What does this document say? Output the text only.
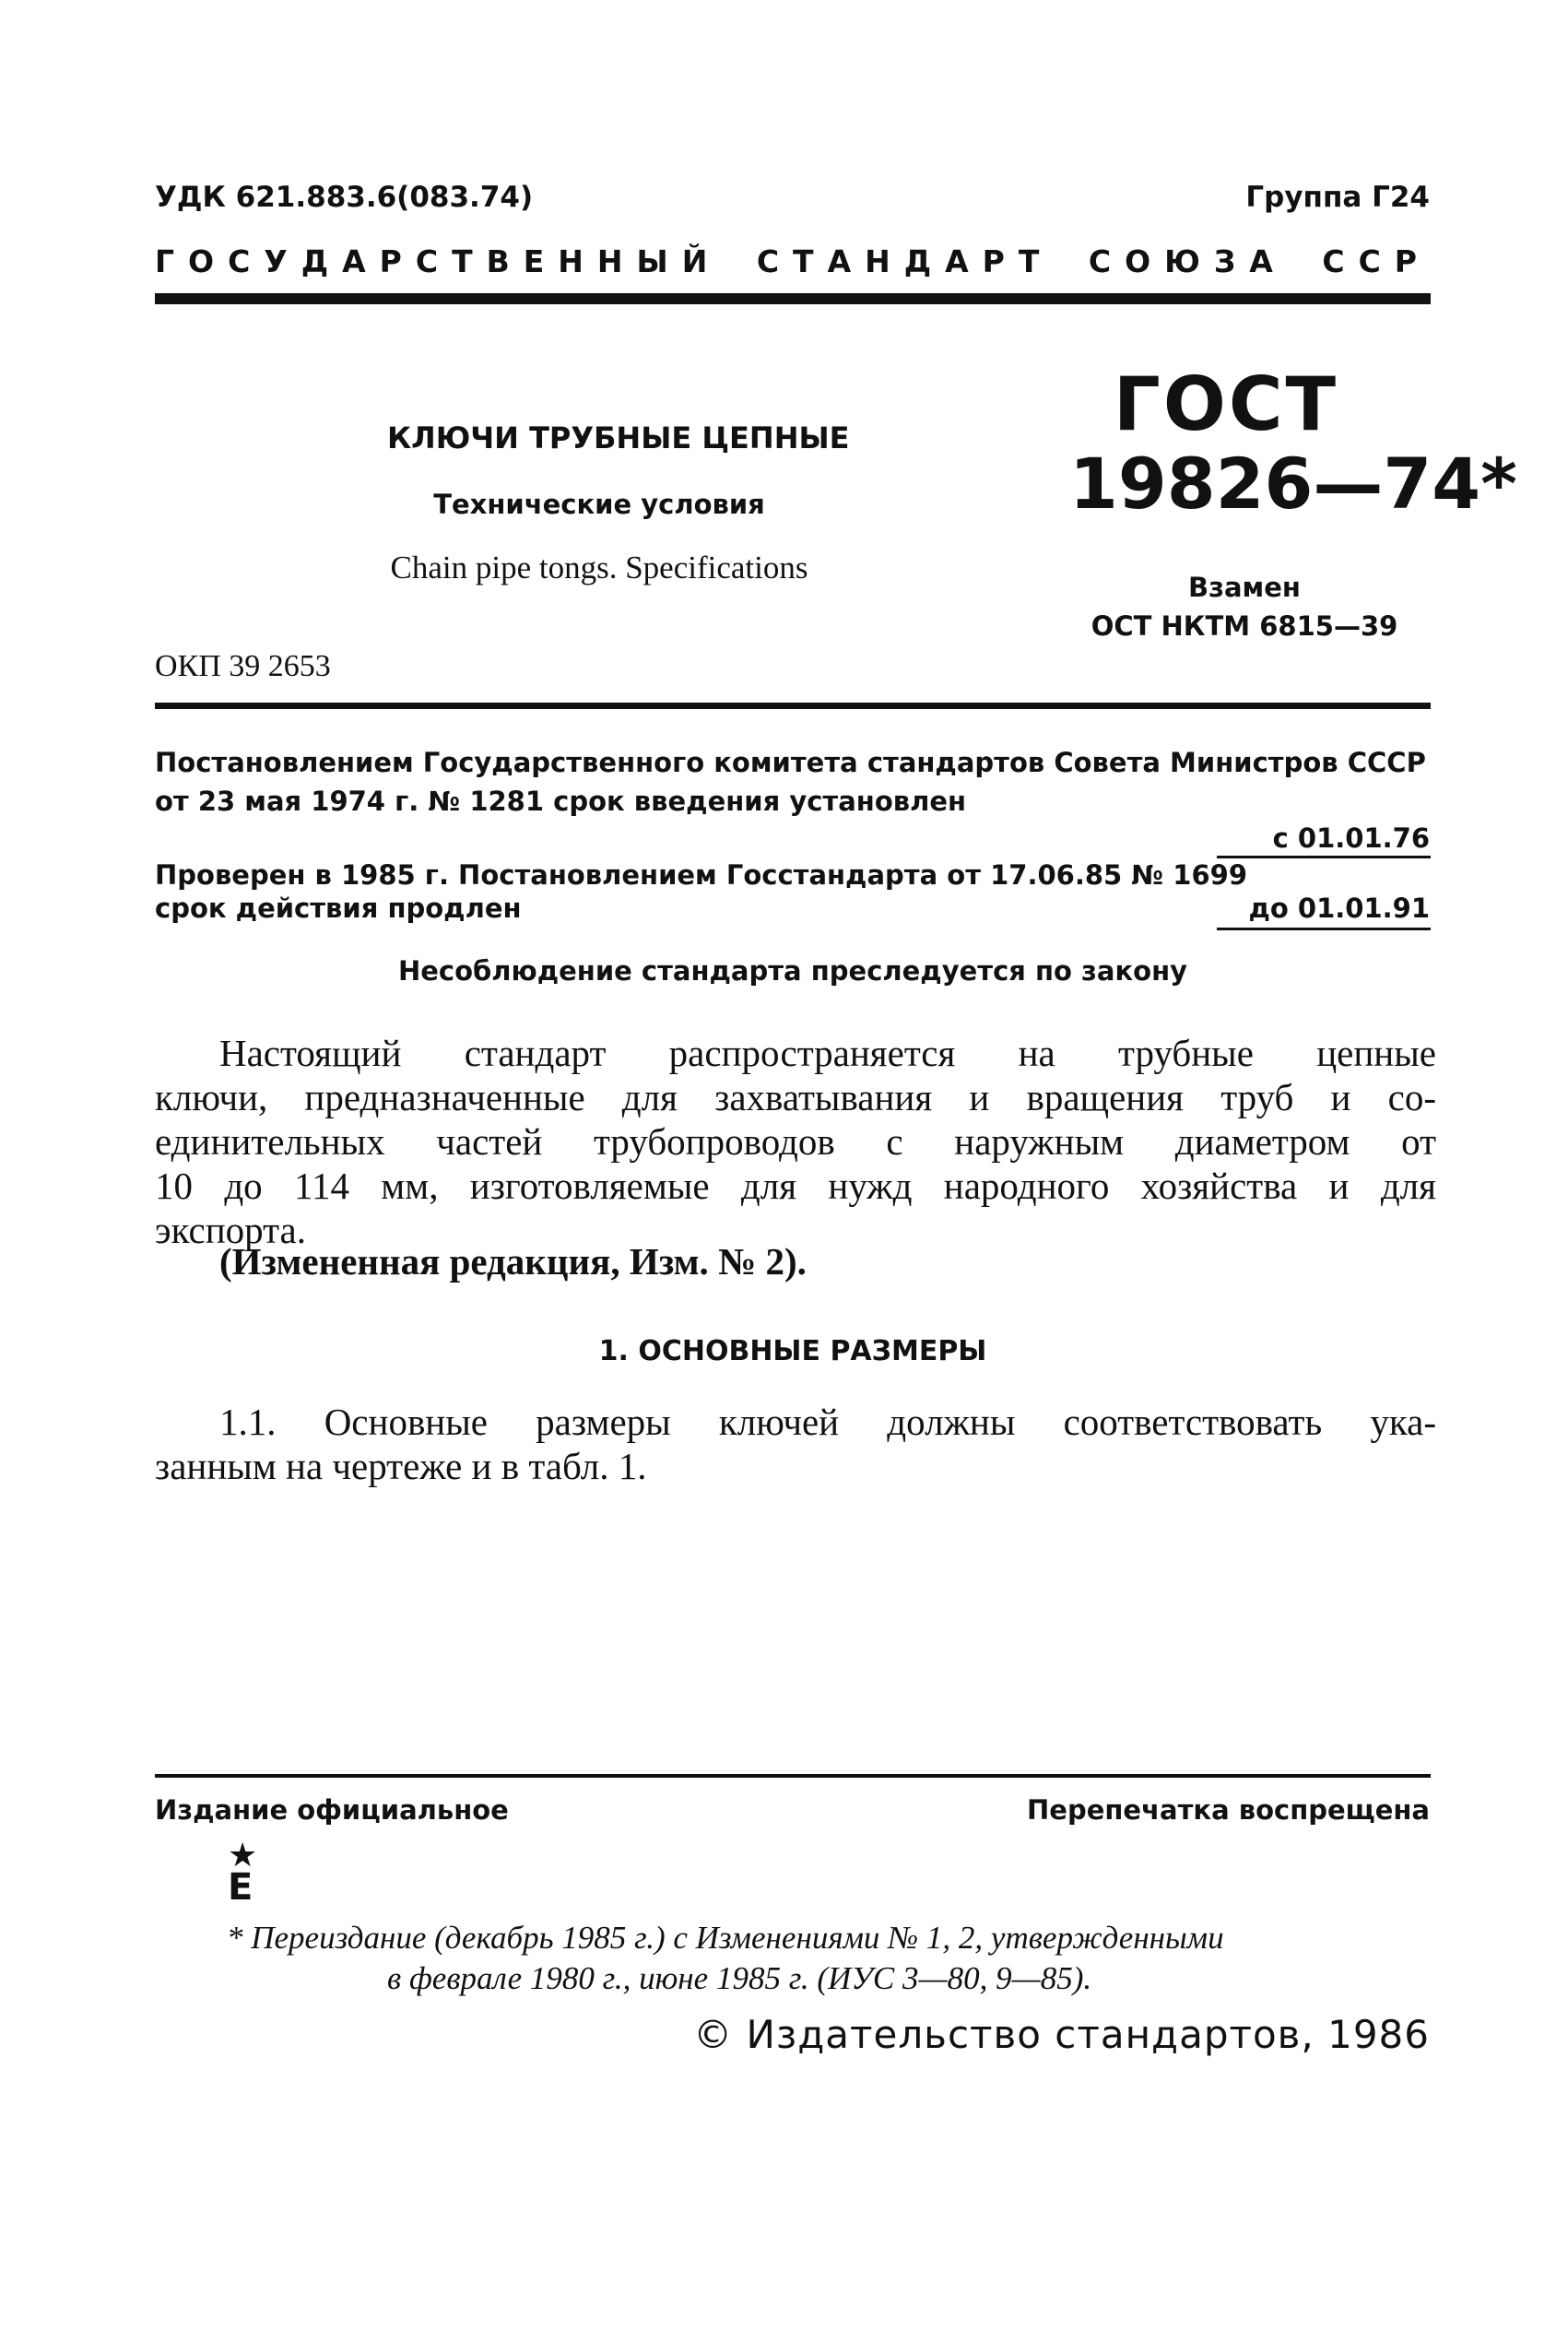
УДК 621.883.6(083.74)	Группа Г24
ГОСУДАРСТВЕННЫЙ СТАНДАРТ СОЮЗА ССР
КЛЮЧИ ТРУБНЫЕ ЦЕПНЫЕ
Технические условия
Chain pipe tongs. Specifications
ГОСТ
19826—74*
Взамен
ОСТ НКТМ 6815—39
ОКП 39 2653
Постановлением Государственного комитета стандартов Совета Министров СССР
от 23 мая 1974 г. № 1281 срок введения установлен
с 01.01.76
Проверен в 1985 г. Постановлением Госстандарта от 17.06.85 № 1699
срок действия продлен	до 01.01.91
Несоблюдение стандарта преследуется по закону
Настоящий стандарт распространяется на трубные цепные
ключи, предназначенные для захватывания и вращения труб и со-
единительных частей трубопроводов с наружным диаметром от
10 до 114 мм, изготовляемые для нужд народного хозяйства и для
экспорта.
(Измененная редакция, Изм. № 2).
1. ОСНОВНЫЕ РАЗМЕРЫ
1.1. Основные размеры ключей должны соответствовать ука-
занным на чертеже и в табл. 1.
Издание официальное	Перепечатка воспрещена
★
Е
* Переиздание (декабрь 1985 г.) с Изменениями № 1, 2, утвержденными
в феврале 1980 г., июне 1985 г. (ИУС 3—80, 9—85).
© Издательство стандартов, 1986
